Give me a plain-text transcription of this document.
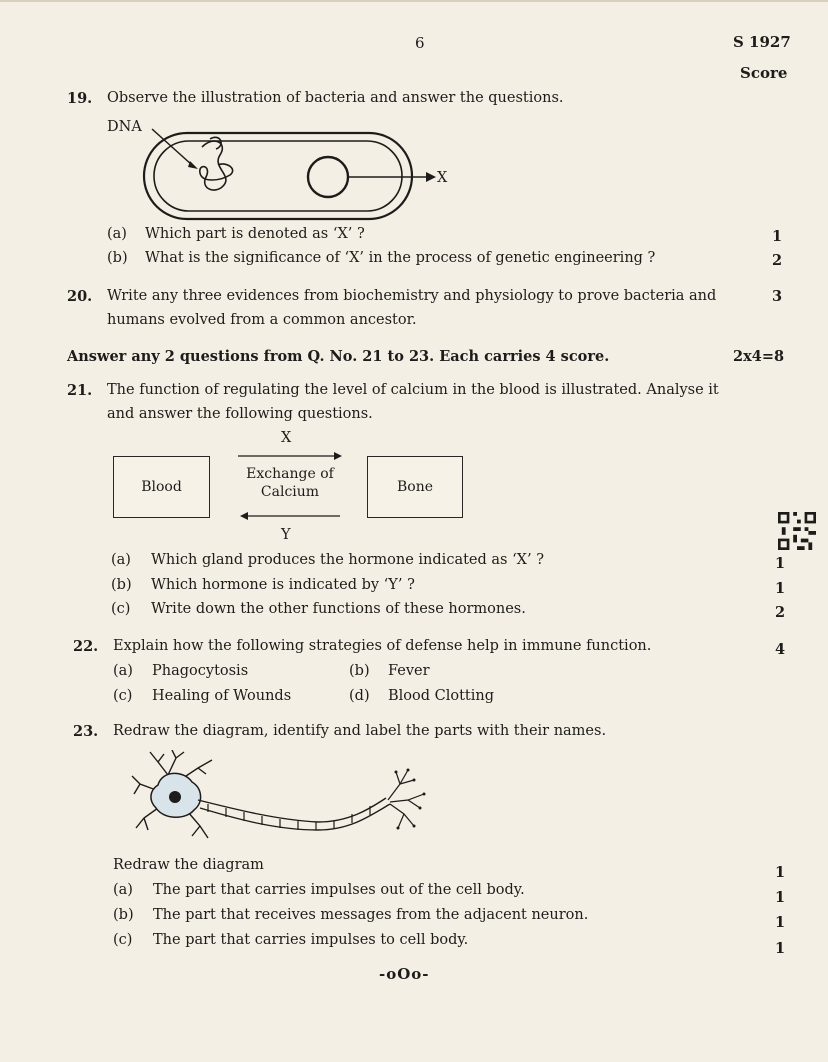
6	S 1927
Score
19. Observe the illustration of bacteria and answer the questions.
DNA
X
(a) Which part is denoted as ‘X’ ?	1
(b) What is the significance of ‘X’ in the process of genetic engineering ?	2
20. Write any three evidences from biochemistry and physiology to prove bacteria and
humans evolved from a common ancestor.
3
Answer any 2 questions from Q. No. 21 to 23. Each carries 4 score.	2x4=8
21. The function of regulating the level of calcium in the blood is illustrated. Analyse it
and answer the following questions.
X
Blood
Exchange of
Calcium	Bone
Y
(a) Which gland produces the hormone indicated as ‘X’ ?	1
(b) Which hormone is indicated by ‘Y’ ?	1
(c) Write down the other functions of these hormones.	2
22. Explain how the following strategies of defense help in immune function.	4
(a) Phagocytosis	(b) Fever
(c) Healing of Wounds	(d) Blood Clotting
23. Redraw the diagram, identify and label the parts with their names.
Redraw the diagram	1
(a) The part that carries impulses out of the cell body.	1
(b) The part that receives messages from the adjacent neuron.	1
(c) The part that carries impulses to cell body.	1
-oOo-
